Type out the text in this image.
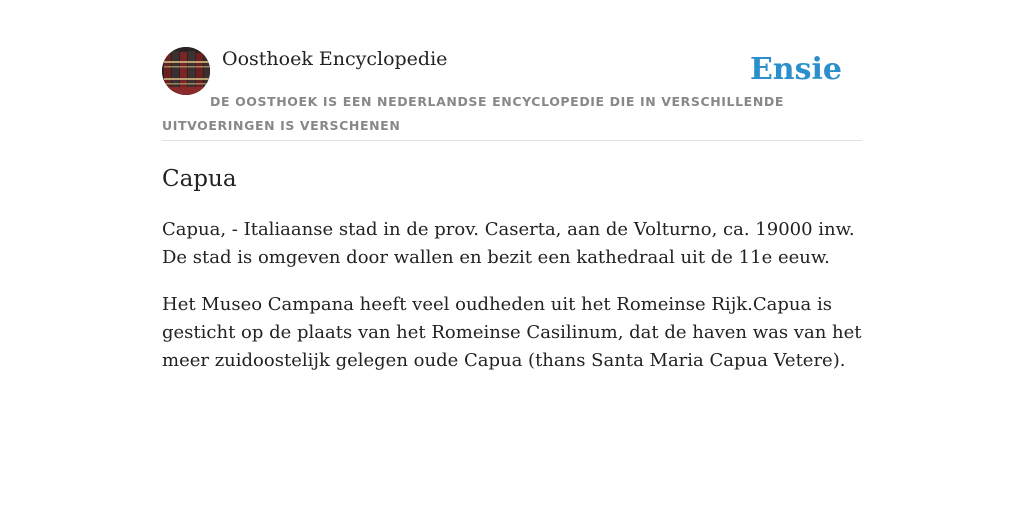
Oosthoek Encyclopedie	Ensie
DE OOSTHOEK IS EEN NEDERLANDSE ENCYCLOPEDIE DIE IN VERSCHILLENDE UITVOERINGEN IS VERSCHENEN
Capua

Capua, - Italiaanse stad in de prov. Caserta, aan de Volturno, ca. 19000 inw. De stad is omgeven door wallen en bezit een kathedraal uit de 11e eeuw.

Het Museo Campana heeft veel oudheden uit het Romeinse Rijk.Capua is gesticht op de plaats van het Romeinse Casilinum, dat de haven was van het meer zuidoostelijk gelegen oude Capua (thans Santa Maria Capua Vetere).
